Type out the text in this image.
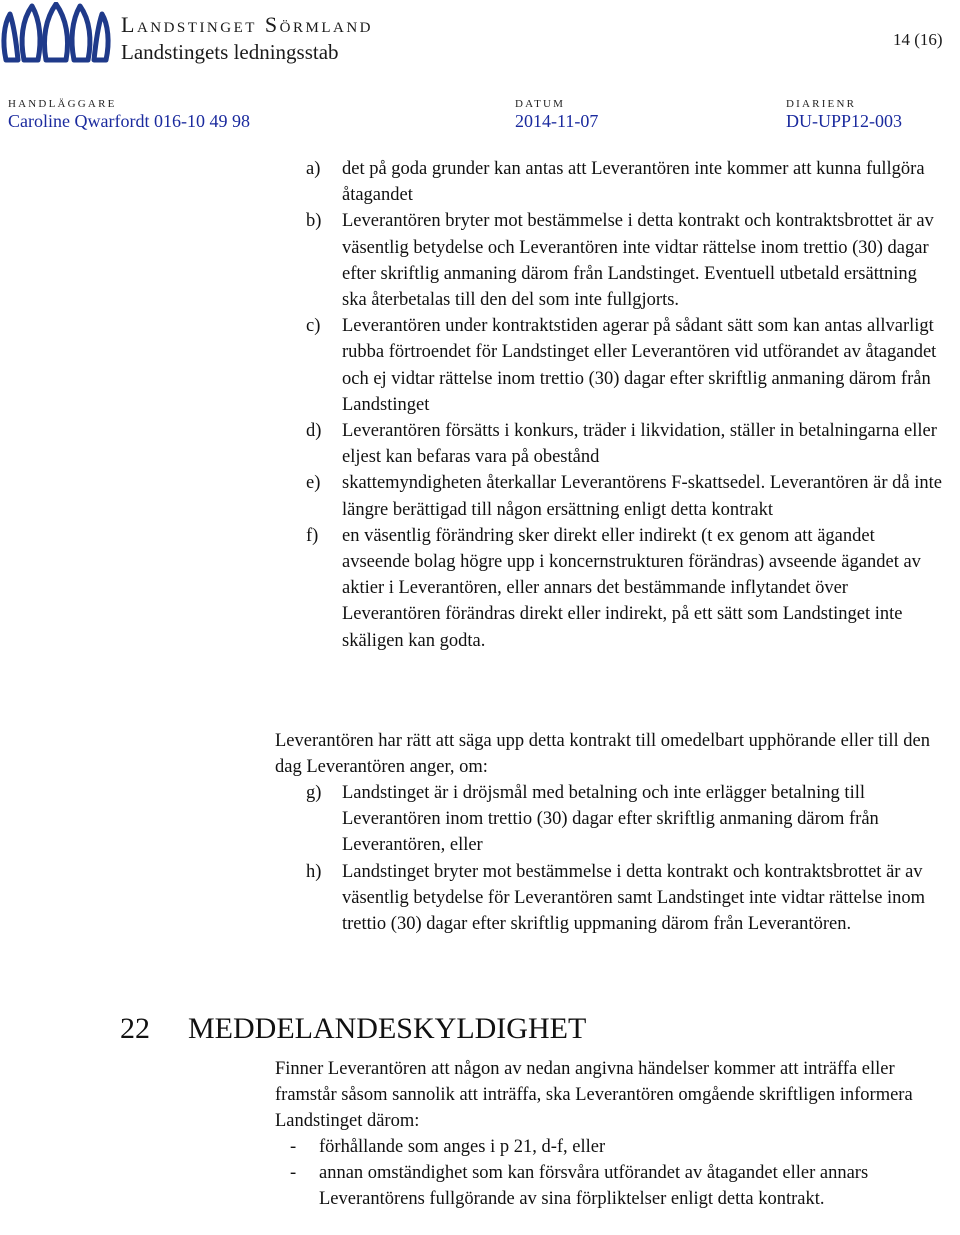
Landstinget Sörmland
Landstingets ledningsstab
14 (16)
HANDLÄGGARE
Caroline Qwarfordt 016-10 49 98
DATUM
2014-11-07
DIARIENR
DU-UPP12-003
a)	det på goda grunder kan antas att Leverantören inte kommer att kunna fullgöra åtagandet
b)	Leverantören bryter mot bestämmelse i detta kontrakt och kontraktsbrottet är av väsentlig betydelse och Leverantören inte vidtar rättelse inom trettio (30) dagar efter skriftlig anmaning därom från Landstinget. Eventuell utbetald ersättning ska återbetalas till den del som inte fullgjorts.
c)	Leverantören under kontraktstiden agerar på sådant sätt som kan antas allvarligt rubba förtroendet för Landstinget eller Leverantören vid utförandet av åtagandet och ej vidtar rättelse inom trettio (30) dagar efter skriftlig anmaning därom från Landstinget
d)	Leverantören försätts i konkurs, träder i likvidation, ställer in betalningarna eller eljest kan befaras vara på obestånd
e)	skattemyndigheten återkallar Leverantörens F-skattsedel. Leverantören är då inte längre berättigad till någon ersättning enligt detta kontrakt
f)	en väsentlig förändring sker direkt eller indirekt (t ex genom att ägandet avseende bolag högre upp i koncernstrukturen förändras) avseende ägandet av aktier i Leverantören, eller annars det bestämmande inflytandet över Leverantören förändras direkt eller indirekt, på ett sätt som Landstinget inte skäligen kan godta.
Leverantören har rätt att säga upp detta kontrakt till omedelbart upphörande eller till den dag Leverantören anger, om:
g)	Landstinget är i dröjsmål med betalning och inte erlägger betalning till Leverantören inom trettio (30) dagar efter skriftlig anmaning därom från Leverantören, eller
h)	Landstinget bryter mot bestämmelse i detta kontrakt och kontraktsbrottet är av väsentlig betydelse för Leverantören samt Landstinget inte vidtar rättelse inom trettio (30) dagar efter skriftlig uppmaning därom från Leverantören.
22	MEDDELANDESKYLDIGHET
Finner Leverantören att någon av nedan angivna händelser kommer att inträffa eller framstår såsom sannolik att inträffa, ska Leverantören omgående skriftligen informera Landstinget därom:
-	förhållande som anges i p 21, d-f, eller
-	annan omständighet som kan försvåra utförandet av åtagandet eller annars Leverantörens fullgörande av sina förpliktelser enligt detta kontrakt.
